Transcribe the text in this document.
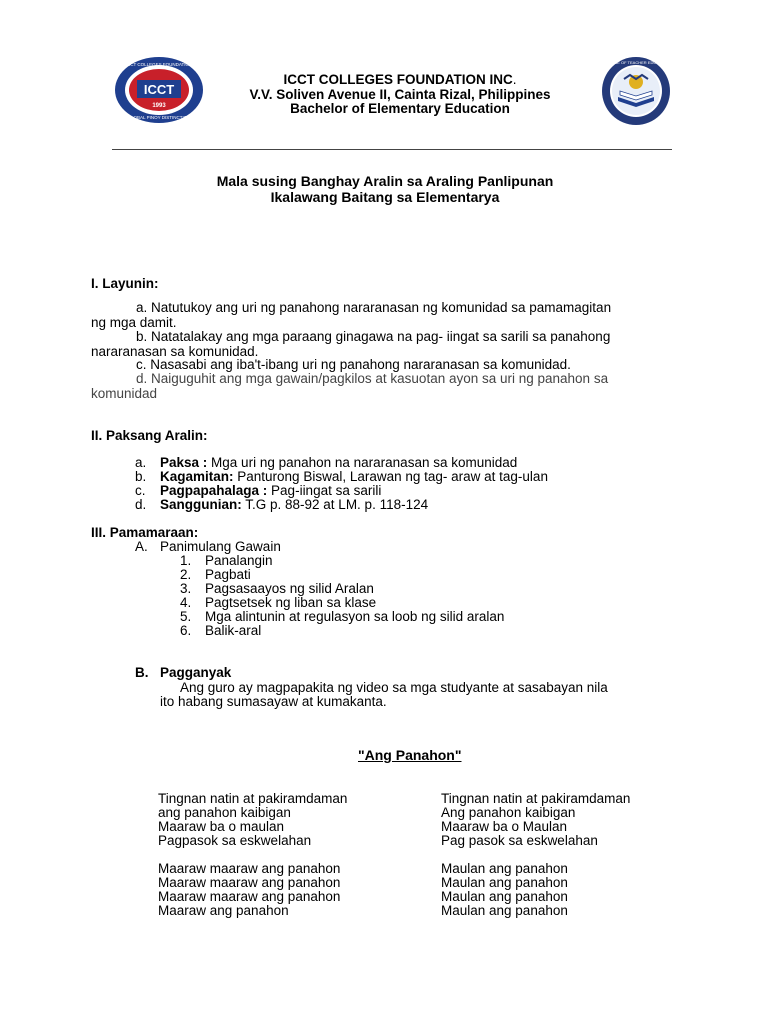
ICCT
1993
ICCT COLLEGES FOUNDATION
GLOBAL PINOY DISTINCTION
COLLEGE OF TEACHER EDUCATION
ICCT COLLEGES FOUNDATION INC.
V.V. Soliven Avenue II, Cainta Rizal, Philippines
Bachelor of Elementary Education
Mala susing Banghay Aralin sa Araling Panlipunan
Ikalawang Baitang sa Elementarya
I. Layunin:
a. Natutukoy ang uri ng panahong nararanasan ng komunidad sa pamamagitan
ng mga damit.
b. Natatalakay ang mga paraang ginagawa na pag- iingat sa sarili sa panahong
nararanasan sa komunidad.
c. Nasasabi ang iba't-ibang uri ng panahong nararanasan sa komunidad.
d. Naiguguhit ang mga gawain/pagkilos at kasuotan ayon sa uri ng panahon sa
komunidad
II. Paksang Aralin:
a. Paksa : Mga uri ng panahon na nararanasan sa komunidad
b. Kagamitan: Panturong Biswal, Larawan ng tag- araw at tag-ulan
c. Pagpapahalaga : Pag-iingat sa sarili
d. Sanggunian: T.G p. 88-92 at LM. p. 118-124
III. Pamamaraan:
A. Panimulang Gawain
1. Panalangin
2. Pagbati
3. Pagsasaayos ng silid Aralan
4. Pagtsetsek ng liban sa klase
5. Mga alintunin at regulasyon sa loob ng silid aralan
6. Balik-aral
B. Pagganyak
Ang guro ay magpapakita ng video sa mga studyante at sasabayan nila
ito habang sumasayaw at kumakanta.
"Ang Panahon"
Tingnan natin at pakiramdaman
ang panahon kaibigan
Maaraw ba o maulan
Pagpasok sa eskwelahan
Maaraw maaraw ang panahon
Maaraw maaraw ang panahon
Maaraw maaraw ang panahon
Maaraw ang panahon
Tingnan natin at pakiramdaman
Ang panahon kaibigan
Maaraw ba o Maulan
Pag pasok sa eskwelahan
Maulan ang panahon
Maulan ang panahon
Maulan ang panahon
Maulan ang panahon
